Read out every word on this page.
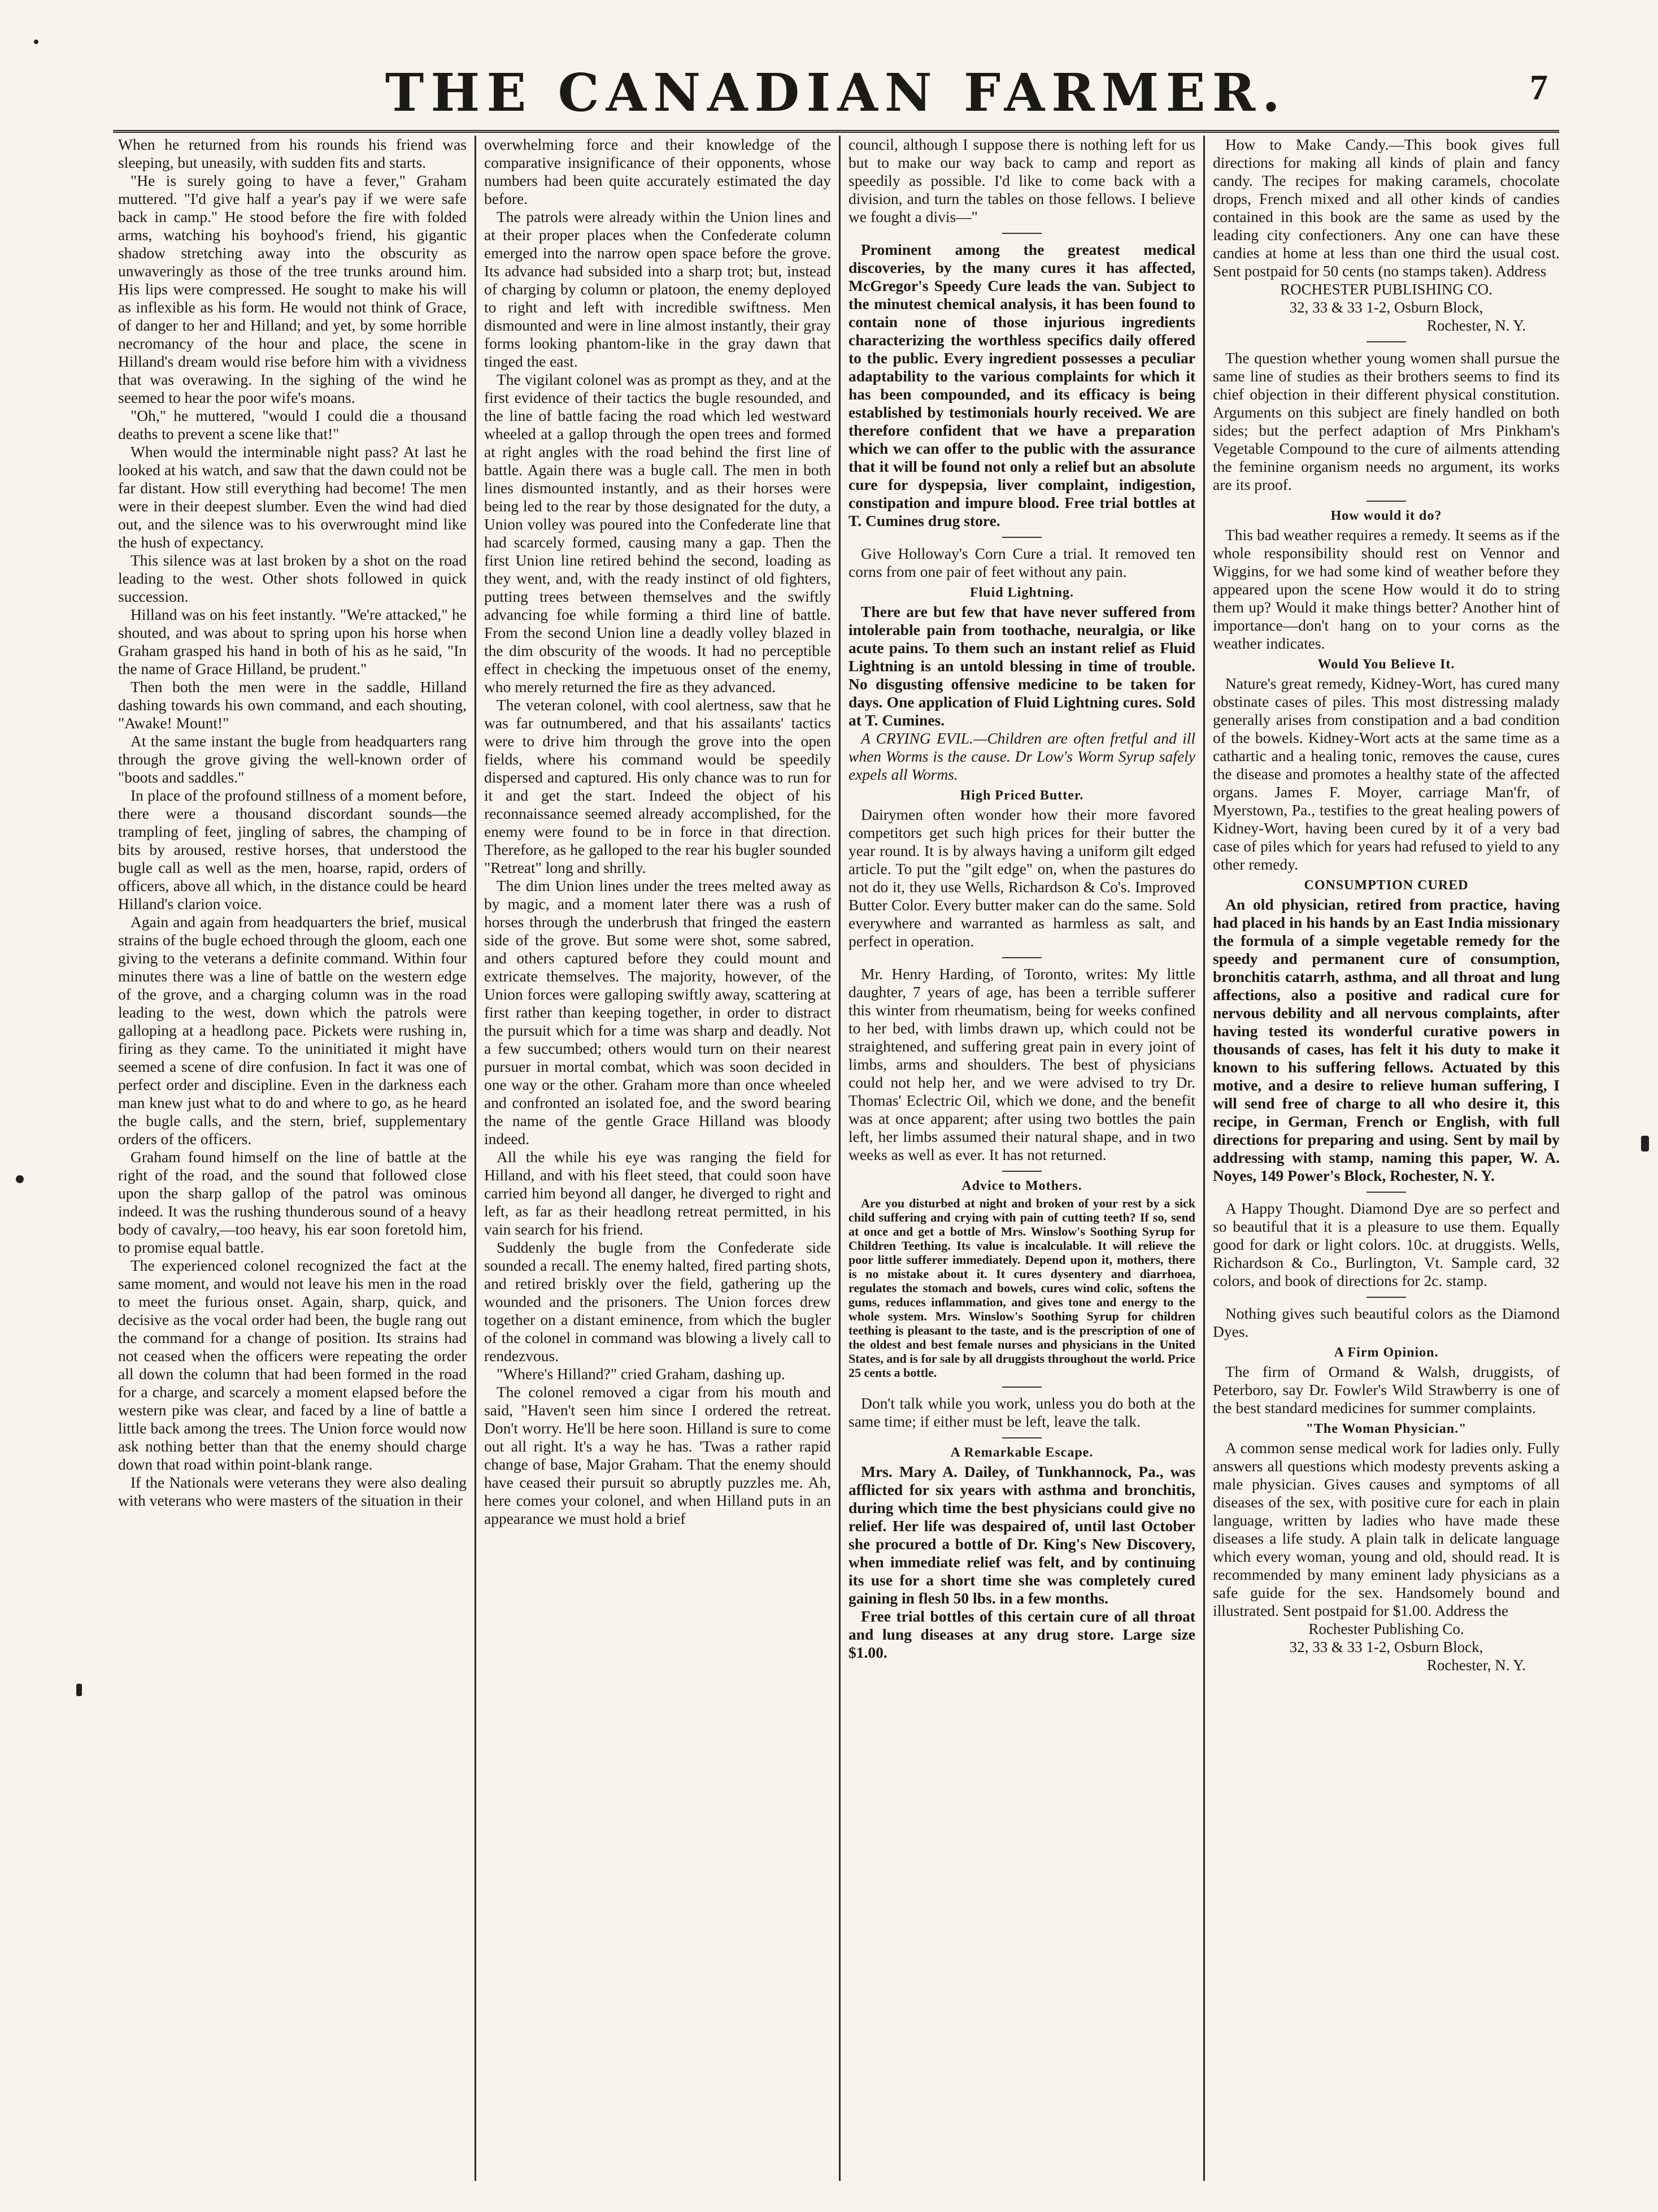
THE CANADIAN FARMER.	7

When he returned from his rounds his friend was sleeping, but uneasily, with sudden fits and starts.

"He is surely going to have a fever," Graham muttered. "I'd give half a year's pay if we were safe back in camp." He stood before the fire with folded arms, watching his boyhood's friend, his gigantic shadow stretching away into the obscurity as unwaveringly as those of the tree trunks around him. His lips were compressed. He sought to make his will as inflexible as his form. He would not think of Grace, of danger to her and Hilland; and yet, by some horrible necromancy of the hour and place, the scene in Hilland's dream would rise before him with a vividness that was overawing. In the sighing of the wind he seemed to hear the poor wife's moans.

"Oh," he muttered, "would I could die a thousand deaths to prevent a scene like that!"

When would the interminable night pass? At last he looked at his watch, and saw that the dawn could not be far distant. How still everything had become! The men were in their deepest slumber. Even the wind had died out, and the silence was to his overwrought mind like the hush of expectancy.

This silence was at last broken by a shot on the road leading to the west. Other shots followed in quick succession.

Hilland was on his feet instantly. "We're attacked," he shouted, and was about to spring upon his horse when Graham grasped his hand in both of his as he said, "In the name of Grace Hilland, be prudent."

Then both the men were in the saddle, Hilland dashing towards his own command, and each shouting, "Awake! Mount!"

At the same instant the bugle from headquarters rang through the grove giving the well-known order of "boots and saddles."

In place of the profound stillness of a moment before, there were a thousand discordant sounds—the trampling of feet, jingling of sabres, the champing of bits by aroused, restive horses, that understood the bugle call as well as the men, hoarse, rapid, orders of officers, above all which, in the distance could be heard Hilland's clarion voice.

Again and again from headquarters the brief, musical strains of the bugle echoed through the gloom, each one giving to the veterans a definite command. Within four minutes there was a line of battle on the western edge of the grove, and a charging column was in the road leading to the west, down which the patrols were galloping at a headlong pace. Pickets were rushing in, firing as they came. To the uninitiated it might have seemed a scene of dire confusion. In fact it was one of perfect order and discipline. Even in the darkness each man knew just what to do and where to go, as he heard the bugle calls, and the stern, brief, supplementary orders of the officers.

Graham found himself on the line of battle at the right of the road, and the sound that followed close upon the sharp gallop of the patrol was ominous indeed. It was the rushing thunderous sound of a heavy body of cavalry,—too heavy, his ear soon foretold him, to promise equal battle.

The experienced colonel recognized the fact at the same moment, and would not leave his men in the road to meet the furious onset. Again, sharp, quick, and decisive as the vocal order had been, the bugle rang out the command for a change of position. Its strains had not ceased when the officers were repeating the order all down the column that had been formed in the road for a charge, and scarcely a moment elapsed before the western pike was clear, and faced by a line of battle a little back among the trees. The Union force would now ask nothing better than that the enemy should charge down that road within point-blank range.

If the Nationals were veterans they were also dealing with veterans who were masters of the situation in their

overwhelming force and their knowledge of the comparative insignificance of their opponents, whose numbers had been quite accurately estimated the day before.

The patrols were already within the Union lines and at their proper places when the Confederate column emerged into the narrow open space before the grove. Its advance had subsided into a sharp trot; but, instead of charging by column or platoon, the enemy deployed to right and left with incredible swiftness. Men dismounted and were in line almost instantly, their gray forms looking phantom-like in the gray dawn that tinged the east.

The vigilant colonel was as prompt as they, and at the first evidence of their tactics the bugle resounded, and the line of battle facing the road which led westward wheeled at a gallop through the open trees and formed at right angles with the road behind the first line of battle. Again there was a bugle call. The men in both lines dismounted instantly, and as their horses were being led to the rear by those designated for the duty, a Union volley was poured into the Confederate line that had scarcely formed, causing many a gap. Then the first Union line retired behind the second, loading as they went, and, with the ready instinct of old fighters, putting trees between themselves and the swiftly advancing foe while forming a third line of battle. From the second Union line a deadly volley blazed in the dim obscurity of the woods. It had no perceptible effect in checking the impetuous onset of the enemy, who merely returned the fire as they advanced.

The veteran colonel, with cool alertness, saw that he was far outnumbered, and that his assailants' tactics were to drive him through the grove into the open fields, where his command would be speedily dispersed and captured. His only chance was to run for it and get the start. Indeed the object of his reconnaissance seemed already accomplished, for the enemy were found to be in force in that direction. Therefore, as he galloped to the rear his bugler sounded "Retreat" long and shrilly.

The dim Union lines under the trees melted away as by magic, and a moment later there was a rush of horses through the underbrush that fringed the eastern side of the grove. But some were shot, some sabred, and others captured before they could mount and extricate themselves. The majority, however, of the Union forces were galloping swiftly away, scattering at first rather than keeping together, in order to distract the pursuit which for a time was sharp and deadly. Not a few succumbed; others would turn on their nearest pursuer in mortal combat, which was soon decided in one way or the other. Graham more than once wheeled and confronted an isolated foe, and the sword bearing the name of the gentle Grace Hilland was bloody indeed.

All the while his eye was ranging the field for Hilland, and with his fleet steed, that could soon have carried him beyond all danger, he diverged to right and left, as far as their headlong retreat permitted, in his vain search for his friend.

Suddenly the bugle from the Confederate side sounded a recall. The enemy halted, fired parting shots, and retired briskly over the field, gathering up the wounded and the prisoners. The Union forces drew together on a distant eminence, from which the bugler of the colonel in command was blowing a lively call to rendezvous.

"Where's Hilland?" cried Graham, dashing up.

The colonel removed a cigar from his mouth and said, "Haven't seen him since I ordered the retreat. Don't worry. He'll be here soon. Hilland is sure to come out all right. It's a way he has. 'Twas a rather rapid change of base, Major Graham. That the enemy should have ceased their pursuit so abruptly puzzles me. Ah, here comes your colonel, and when Hilland puts in an appearance we must hold a brief

council, although I suppose there is nothing left for us but to make our way back to camp and report as speedily as possible. I'd like to come back with a division, and turn the tables on those fellows. I believe we fought a divis—"

Prominent among the greatest medical discoveries, by the many cures it has affected, McGregor's Speedy Cure leads the van. Subject to the minutest chemical analysis, it has been found to contain none of those injurious ingredients characterizing the worthless specifics daily offered to the public. Every ingredient possesses a peculiar adaptability to the various complaints for which it has been compounded, and its efficacy is being established by testimonials hourly received. We are therefore confident that we have a preparation which we can offer to the public with the assurance that it will be found not only a relief but an absolute cure for dyspepsia, liver complaint, indigestion, constipation and impure blood. Free trial bottles at T. Cumines drug store.

Give Holloway's Corn Cure a trial. It removed ten corns from one pair of feet without any pain.

Fluid Lightning.

There are but few that have never suffered from intolerable pain from toothache, neuralgia, or like acute pains. To them such an instant relief as Fluid Lightning is an untold blessing in time of trouble. No disgusting offensive medicine to be taken for days. One application of Fluid Lightning cures. Sold at T. Cumines.

A CRYING EVIL.—Children are often fretful and ill when Worms is the cause. Dr Low's Worm Syrup safely expels all Worms.

High Priced Butter.

Dairymen often wonder how their more favored competitors get such high prices for their butter the year round. It is by always having a uniform gilt edged article. To put the "gilt edge" on, when the pastures do not do it, they use Wells, Richardson & Co's. Improved Butter Color. Every butter maker can do the same. Sold everywhere and warranted as harmless as salt, and perfect in operation.

Mr. Henry Harding, of Toronto, writes: My little daughter, 7 years of age, has been a terrible sufferer this winter from rheumatism, being for weeks confined to her bed, with limbs drawn up, which could not be straightened, and suffering great pain in every joint of limbs, arms and shoulders. The best of physicians could not help her, and we were advised to try Dr. Thomas' Eclectric Oil, which we done, and the benefit was at once apparent; after using two bottles the pain left, her limbs assumed their natural shape, and in two weeks as well as ever. It has not returned.

Advice to Mothers.

Are you disturbed at night and broken of your rest by a sick child suffering and crying with pain of cutting teeth? If so, send at once and get a bottle of Mrs. Winslow's Soothing Syrup for Children Teething. Its value is incalculable. It will relieve the poor little sufferer immediately. Depend upon it, mothers, there is no mistake about it. It cures dysentery and diarrhoea, regulates the stomach and bowels, cures wind colic, softens the gums, reduces inflammation, and gives tone and energy to the whole system. Mrs. Winslow's Soothing Syrup for children teething is pleasant to the taste, and is the prescription of one of the oldest and best female nurses and physicians in the United States, and is for sale by all druggists throughout the world. Price 25 cents a bottle.

Don't talk while you work, unless you do both at the same time; if either must be left, leave the talk.

A Remarkable Escape.

Mrs. Mary A. Dailey, of Tunkhannock, Pa., was afflicted for six years with asthma and bronchitis, during which time the best physicians could give no relief. Her life was despaired of, until last October she procured a bottle of Dr. King's New Discovery, when immediate relief was felt, and by continuing its use for a short time she was completely cured gaining in flesh 50 lbs. in a few months.

Free trial bottles of this certain cure of all throat and lung diseases at any drug store. Large size $1.00.

How to Make Candy.—This book gives full directions for making all kinds of plain and fancy candy. The recipes for making caramels, chocolate drops, French mixed and all other kinds of candies contained in this book are the same as used by the leading city confectioners. Any one can have these candies at home at less than one third the usual cost. Sent postpaid for 50 cents (no stamps taken). Address

ROCHESTER PUBLISHING CO.
32, 33 & 33 1-2, Osburn Block,
Rochester, N. Y.

The question whether young women shall pursue the same line of studies as their brothers seems to find its chief objection in their different physical constitution. Arguments on this subject are finely handled on both sides; but the perfect adaption of Mrs Pinkham's Vegetable Compound to the cure of ailments attending the feminine organism needs no argument, its works are its proof.

How would it do?

This bad weather requires a remedy. It seems as if the whole responsibility should rest on Vennor and Wiggins, for we had some kind of weather before they appeared upon the scene How would it do to string them up? Would it make things better? Another hint of importance—don't hang on to your corns as the weather indicates.

Would You Believe It.

Nature's great remedy, Kidney-Wort, has cured many obstinate cases of piles. This most distressing malady generally arises from constipation and a bad condition of the bowels. Kidney-Wort acts at the same time as a cathartic and a healing tonic, removes the cause, cures the disease and promotes a healthy state of the affected organs. James F. Moyer, carriage Man'fr, of Myerstown, Pa., testifies to the great healing powers of Kidney-Wort, having been cured by it of a very bad case of piles which for years had refused to yield to any other remedy.

CONSUMPTION CURED

An old physician, retired from practice, having had placed in his hands by an East India missionary the formula of a simple vegetable remedy for the speedy and permanent cure of consumption, bronchitis catarrh, asthma, and all throat and lung affections, also a positive and radical cure for nervous debility and all nervous complaints, after having tested its wonderful curative powers in thousands of cases, has felt it his duty to make it known to his suffering fellows. Actuated by this motive, and a desire to relieve human suffering, I will send free of charge to all who desire it, this recipe, in German, French or English, with full directions for preparing and using. Sent by mail by addressing with stamp, naming this paper, W. A. Noyes, 149 Power's Block, Rochester, N. Y.

A Happy Thought. Diamond Dye are so perfect and so beautiful that it is a pleasure to use them. Equally good for dark or light colors. 10c. at druggists. Wells, Richardson & Co., Burlington, Vt. Sample card, 32 colors, and book of directions for 2c. stamp.

Nothing gives such beautiful colors as the Diamond Dyes.

A Firm Opinion.

The firm of Ormand & Walsh, druggists, of Peterboro, say Dr. Fowler's Wild Strawberry is one of the best standard medicines for summer complaints.

"The Woman Physician."

A common sense medical work for ladies only. Fully answers all questions which modesty prevents asking a male physician. Gives causes and symptoms of all diseases of the sex, with positive cure for each in plain language, written by ladies who have made these diseases a life study. A plain talk in delicate language which every woman, young and old, should read. It is recommended by many eminent lady physicians as a safe guide for the sex. Handsomely bound and illustrated. Sent postpaid for $1.00. Address the

Rochester Publishing Co.
32, 33 & 33 1-2, Osburn Block,
Rochester, N. Y.
